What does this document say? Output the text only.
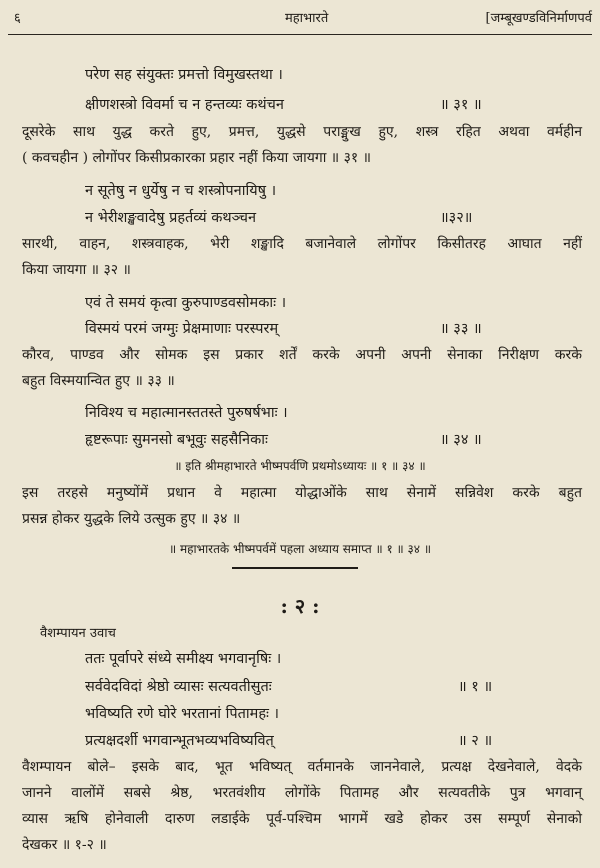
६	महाभारते	[जम्बूखण्डविनिर्माणपर्व
परेण सह संयुक्तः प्रमत्तो विमुखस्तथा ।
क्षीणशस्त्रो विवर्मा च न हन्तव्यः कथंचन	॥ ३१ ॥
दूसरेके साथ युद्ध करते हुए, प्रमत्त, युद्धसे पराङ्मुख हुए, शस्त्र रहित अथवा वर्महीन
( कवचहीन ) लोगोंपर किसीप्रकारका प्रहार नहीं किया जायगा ॥ ३१ ॥
न सूतेषु न धुर्येषु न च शस्त्रोपनायिषु ।
न भेरीशङ्खवादेषु प्रहर्तव्यं कथञ्चन	॥३२॥
सारथी, वाहन, शस्त्रवाहक, भेरी शङ्खादि बजानेवाले लोगोंपर किसीतरह आघात नहीं
किया जायगा ॥ ३२ ॥
एवं ते समयं कृत्वा कुरुपाण्डवसोमकाः ।
विस्मयं परमं जग्मुः प्रेक्षमाणाः परस्परम्	॥ ३३ ॥
कौरव, पाण्डव और सोमक इस प्रकार शर्तें करके अपनी अपनी सेनाका निरीक्षण करके
बहुत विस्मयान्वित हुए ॥ ३३ ॥
निविश्य च महात्मानस्ततस्ते पुरुषर्षभाः ।
हृष्टरूपाः सुमनसो बभूवुः सहसैनिकाः	॥ ३४ ॥
॥ इति श्रीमहाभारते भीष्मपर्वणि प्रथमोऽध्यायः ॥ १ ॥ ३४ ॥
इस तरहसे मनुष्योंमें प्रधान वे महात्मा योद्धाओंके साथ सेनामें सन्निवेश करके बहुत
प्रसन्न होकर युद्धके लिये उत्सुक हुए ॥ ३४ ॥
॥ महाभारतके भीष्मपर्वमें पहला अध्याय समाप्त ॥ १ ॥ ३४ ॥
: २ :
वैशम्पायन उवाच
ततः पूर्वापरे संध्ये समीक्ष्य भगवानृषिः ।
सर्ववेदविदां श्रेष्ठो व्यासः सत्यवतीसुतः	॥ १ ॥
भविष्यति रणे घोरे भरतानां पितामहः ।
प्रत्यक्षदर्शी भगवान्भूतभव्यभविष्यवित्	॥ २ ॥
वैशम्पायन बोले– इसके बाद, भूत भविष्यत् वर्तमानके जाननेवाले, प्रत्यक्ष देखनेवाले, वेदके
जानने वालोंमें सबसे श्रेष्ठ, भरतवंशीय लोगोंके पितामह और सत्यवतीके पुत्र भगवान्
व्यास ऋषि होनेवाली दारुण लडाईके पूर्व-पश्चिम भागमें खडे होकर उस सम्पूर्ण सेनाको
देखकर ॥ १-२ ॥
